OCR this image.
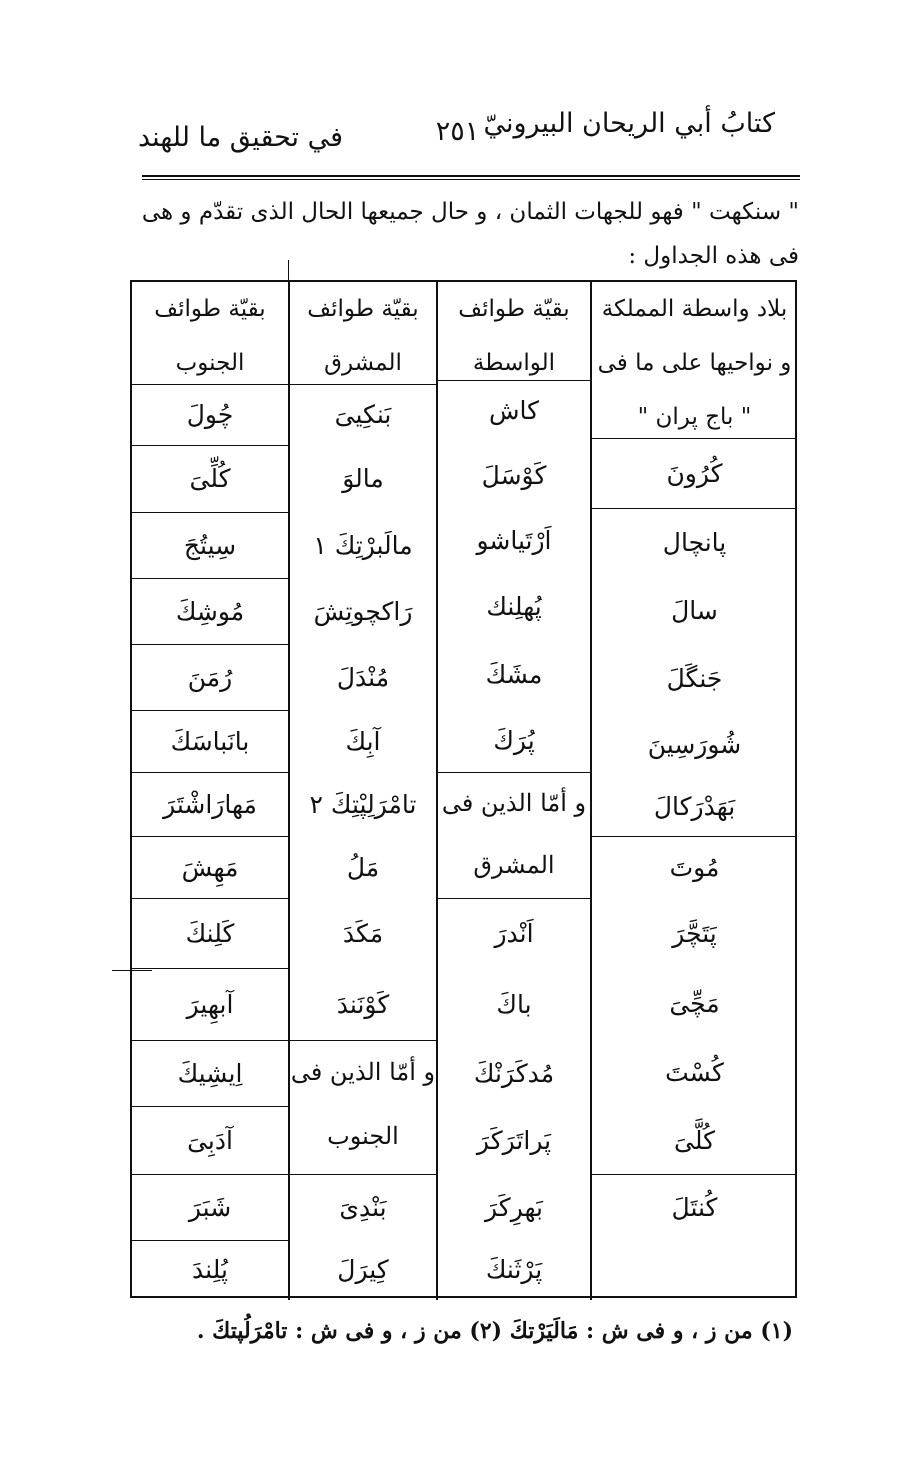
كتابُ أبي الريحان البيرونيّ
٢٥١
في تحقيق ما للهند
" سنكهت " فهو للجهات الثمان ، و حال جميعها الحال الذى تقدّم و هى
فى هذه الجداول :
بلاد واسطة المملكة
و نواحيها على ما فى
" باج پران "
بقيّة طوائف
الواسطة
بقيّة طوائف
المشرق
بقيّة طوائف
الجنوب
و أمّا الذين فى
المشرق
و أمّا الذين فى
الجنوب
كُرُونَ
پانچال
سالَ
جَنگَلَ
شُورَسِينَ
بَهَدْرَكالَ
مُوتَ
پَتَچَّرَ
مَچِّىَ
كُسْتَ
كُلَّىَ
كُنتَلَ
كاش
كَوْسَلَ
اَرْتَياشو
پُهلِنك
مشَكَ
پُرَكَ
اَنْدرَ
باكَ
مُدكَرَنْكَ
پَراتَرَكَرَ
بَهرِكَرَ
پَرْثَنكَ
بَنكِيىَ
مالوَ
مالَبرْتِكَ ١
رَاكچوتِشَ
مُنْدَلَ
آبِكَ
تامْرَلِپْتِكَ ٢
مَلُ
مَكَدَ
كَوْنَندَ
بَنْدِىَ
كِيرَلَ
چُولَ
كُلِّىَ
سِيتُجَ
مُوشِكَ
رُمَنَ
بانَباسَكَ
مَهارَاشْتَرَ
مَهِشَ
كَلِنكَ
آبهِيرَ
اِيشِيكَ
آدَبِىَ
شَبَرَ
پُلِندَ
(١) من ز ، و فى ش : مَالَيَرْتكَ (٢) من ز ، و فى ش : تامْرَلُپتكَ .
